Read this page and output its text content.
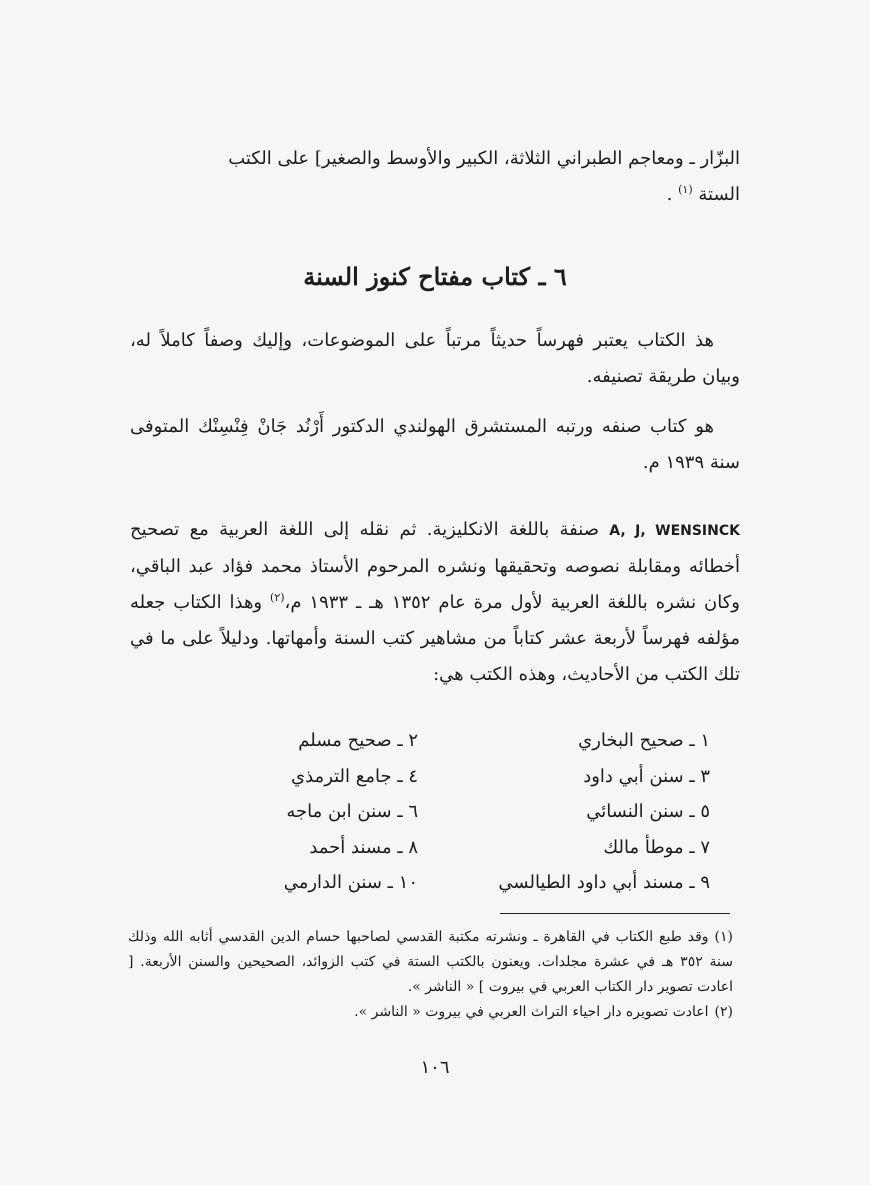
البزّار ـ ومعاجم الطبراني الثلاثة، الكبير والأوسط والصغير] على الكتب

الستة $^{(١)}$ .

٦ ـ كتاب مفتاح كنوز السنة

هذ الكتاب يعتبر فهرساً حديثاً مرتباً على الموضوعات، وإليك وصفاً كاملاً له، وبيان طريقة تصنيفه.

هو كتاب صنفه ورتبه المستشرق الهولندي الدكتور أَرْنُد جَانْ فِنْسِنْك المتوفى سنة ١٩٣٩ م.

A, J, WENSINCK صنفة باللغة الانكليزية. ثم نقله إلى اللغة العربية مع تصحيح أخطائه ومقابلة نصوصه وتحقيقها ونشره المرحوم الأستاذ محمد فؤاد عبد الباقي، وكان نشره باللغة العربية لأول مرة عام ١٣٥٢ هـ ـ ١٩٣٣ م،$^{(٢)}$ وهذا الكتاب جعله مؤلفه فهرساً لأربعة عشر كتاباً من مشاهير كتب السنة وأمهاتها. ودليلاً على ما في تلك الكتب من الأحاديث، وهذه الكتب هي:

١ ـ صحيح البخاري
٢ ـ صحيح مسلم
٣ ـ سنن أبي داود
٤ ـ جامع الترمذي
٥ ـ سنن النسائي
٦ ـ سنن ابن ماجه
٧ ـ موطأ مالك
٨ ـ مسند أحمد
٩ ـ مسند أبي داود الطيالسي
١٠ ـ سنن الدارمي

(١)وقد طبع الكتاب في القاهرة ـ ونشرته مكتبة القدسي لصاحبها حسام الدين القدسي أثابه الله وذلك سنة ٣٥٢ هـ في عشرة مجلدات. ويعنون بالكتب الستة في كتب الزوائد، الصحيحين والسنن الأربعة. [ اعادت تصوير دار الكتاب العربي في بيروت ] « الناشر ».

(٢)اعادت تصويره دار احياء التراث العربي في بيروت « الناشر ».

١٠٦
